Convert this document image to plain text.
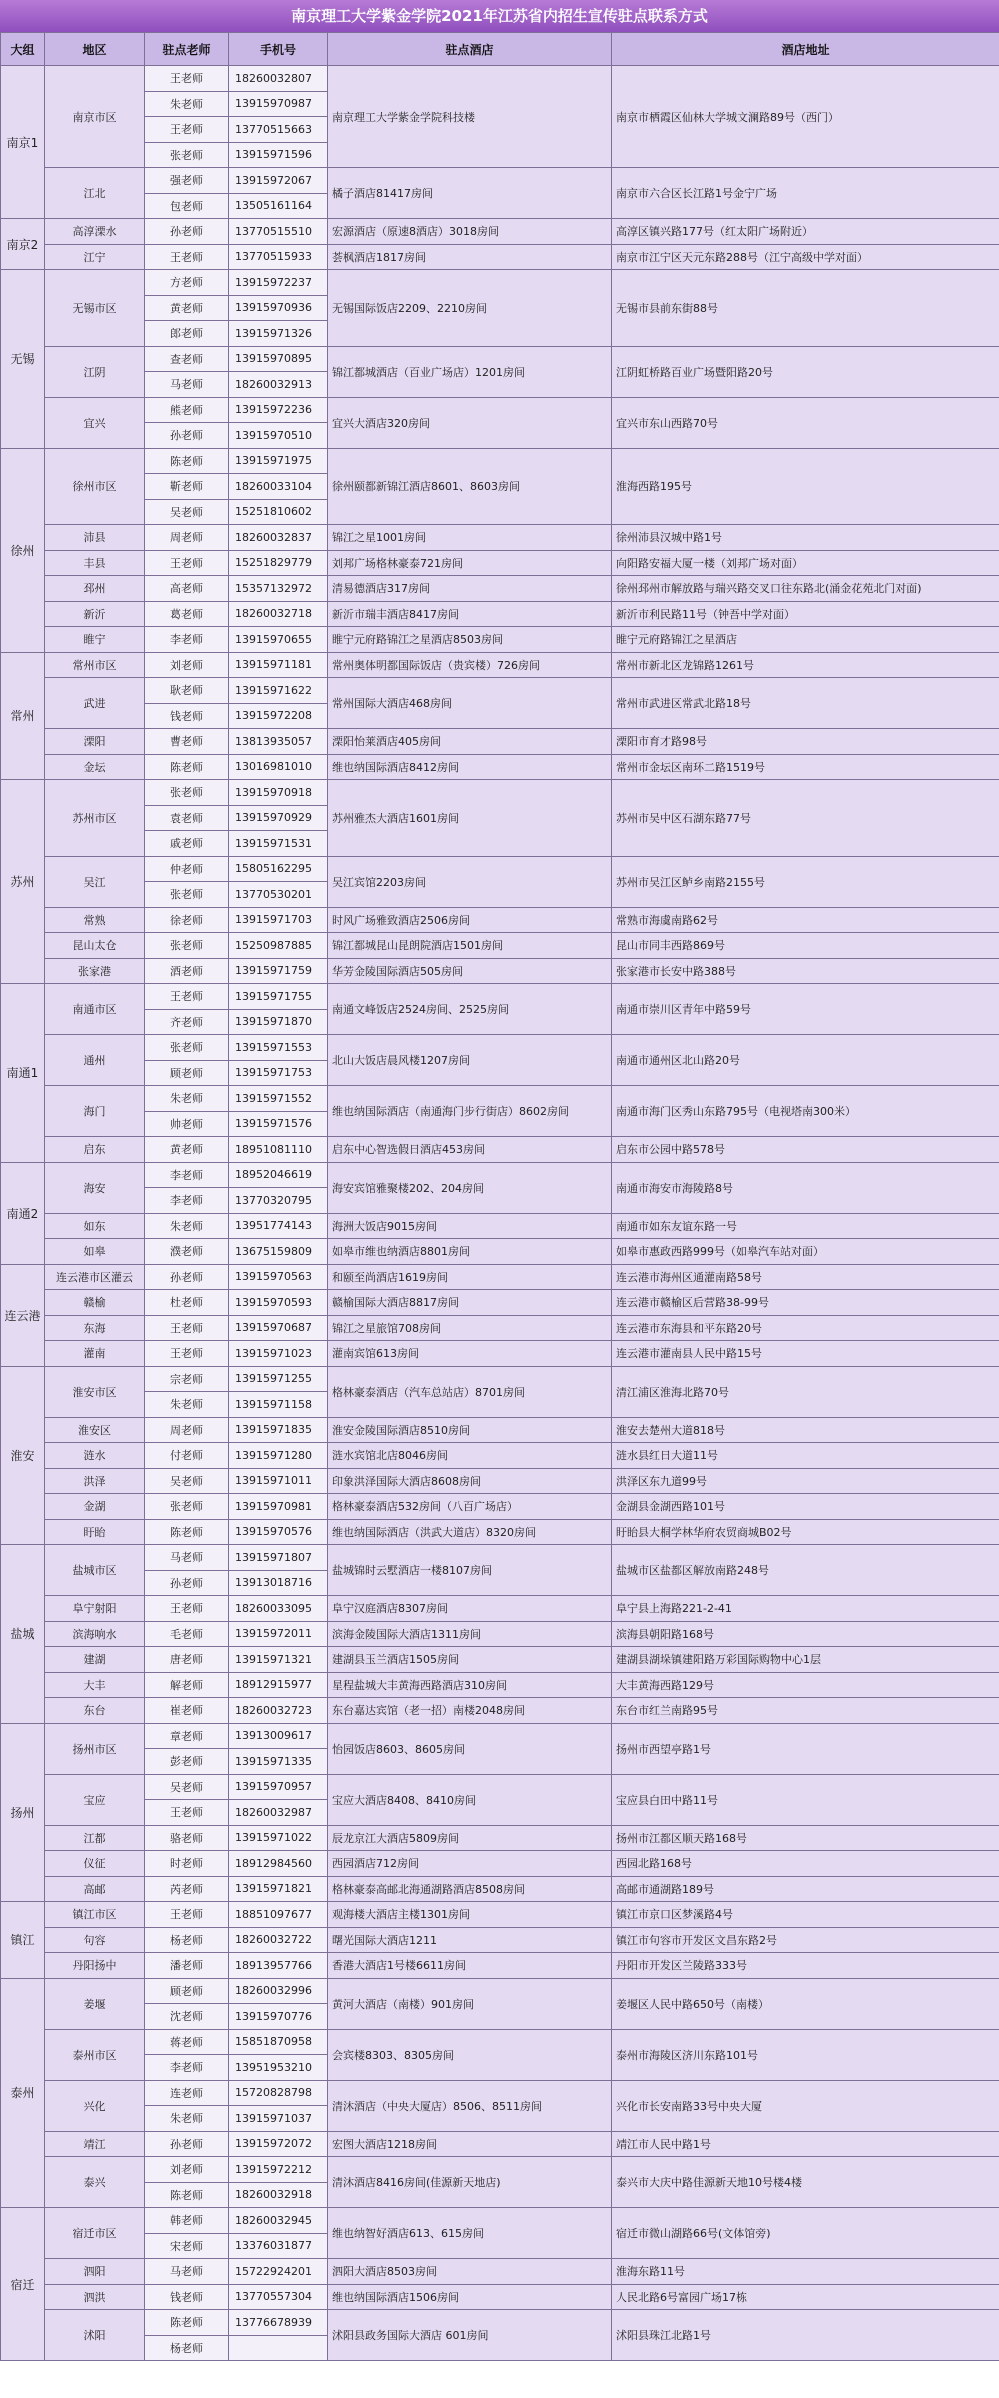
南京理工大学紫金学院2021年江苏省内招生宣传驻点联系方式
大组	地区	驻点老师	手机号	驻点酒店	酒店地址
南京1	南京市区	王老师	18260032807	南京理工大学紫金学院科技楼	南京市栖霞区仙林大学城文澜路89号（西门）
		朱老师	13915970987		
		王老师	13770515663		
		张老师	13915971596		
	江北	强老师	13915972067	橘子酒店81417房间	南京市六合区长江路1号金宁广场
		包老师	13505161164		
南京2	高淳溧水	孙老师	13770515510	宏源酒店（原速8酒店）3018房间	高淳区镇兴路177号（红太阳广场附近）
	江宁	王老师	13770515933	荟枫酒店1817房间	南京市江宁区天元东路288号（江宁高级中学对面）
无锡	无锡市区	方老师	13915972237	无锡国际饭店2209、2210房间	无锡市县前东街88号
		黄老师	13915970936		
		郎老师	13915971326		
	江阴	查老师	13915970895	锦江都城酒店（百业广场店）1201房间	江阴虹桥路百业广场暨阳路20号
		马老师	18260032913		
	宜兴	熊老师	13915972236	宜兴大酒店320房间	宜兴市东山西路70号
		孙老师	13915970510		
徐州	徐州市区	陈老师	13915971975	徐州颐都新锦江酒店8601、8603房间	淮海西路195号
		靳老师	18260033104		
		吴老师	15251810602		
	沛县	周老师	18260032837	锦江之星1001房间	徐州沛县汉城中路1号
	丰县	王老师	15251829779	刘邦广场格林豪泰721房间	向阳路安福大厦一楼（刘邦广场对面）
	邳州	高老师	15357132972	清易德酒店317房间	徐州邳州市解放路与瑞兴路交叉口往东路北(涌金花苑北门对面)
	新沂	葛老师	18260032718	新沂市瑞丰酒店8417房间	新沂市利民路11号（钟吾中学对面）
	睢宁	李老师	13915970655	睢宁元府路锦江之星酒店8503房间	睢宁元府路锦江之星酒店
常州	常州市区	刘老师	13915971181	常州奥体明都国际饭店（贵宾楼）726房间	常州市新北区龙锦路1261号
	武进	耿老师	13915971622	常州国际大酒店468房间	常州市武进区常武北路18号
		钱老师	13915972208		
	溧阳	曹老师	13813935057	溧阳怡莱酒店405房间	溧阳市育才路98号
	金坛	陈老师	13016981010	维也纳国际酒店8412房间	常州市金坛区南环二路1519号
苏州	苏州市区	张老师	13915970918	苏州雅杰大酒店1601房间	苏州市吴中区石湖东路77号
		袁老师	13915970929		
		戚老师	13915971531		
	吴江	仲老师	15805162295	吴江宾馆2203房间	苏州市吴江区鲈乡南路2155号
		张老师	13770530201		
	常熟	徐老师	13915971703	时风广场雅致酒店2506房间	常熟市海虞南路62号
	昆山太仓	张老师	15250987885	锦江都城昆山昆朗院酒店1501房间	昆山市同丰西路869号
	张家港	酒老师	13915971759	华芳金陵国际酒店505房间	张家港市长安中路388号
南通1	南通市区	王老师	13915971755	南通文峰饭店2524房间、2525房间	南通市崇川区青年中路59号
		齐老师	13915971870		
	通州	张老师	13915971553	北山大饭店晨风楼1207房间	南通市通州区北山路20号
		顾老师	13915971753		
	海门	朱老师	13915971552	维也纳国际酒店（南通海门步行街店）8602房间	南通市海门区秀山东路795号（电视塔南300米）
		帅老师	13915971576		
	启东	黄老师	18951081110	启东中心智选假日酒店453房间	启东市公园中路578号
南通2	海安	李老师	18952046619	海安宾馆雅聚楼202、204房间	南通市海安市海陵路8号
		李老师	13770320795		
	如东	朱老师	13951774143	海洲大饭店9015房间	南通市如东友谊东路一号
	如皋	濮老师	13675159809	如皋市维也纳酒店8801房间	如皋市惠政西路999号（如皋汽车站对面）
连云港	连云港市区灌云	孙老师	13915970563	和颐至尚酒店1619房间	连云港市海州区通灌南路58号
	赣榆	杜老师	13915970593	赣榆国际大酒店8817房间	连云港市赣榆区后营路38-99号
	东海	王老师	13915970687	锦江之星旅馆708房间	连云港市东海县和平东路20号
	灌南	王老师	13915971023	灌南宾馆613房间	连云港市灌南县人民中路15号
淮安	淮安市区	宗老师	13915971255	格林豪泰酒店（汽车总站店）8701房间	清江浦区淮海北路70号
		朱老师	13915971158		
	淮安区	周老师	13915971835	淮安金陵国际酒店8510房间	淮安去楚州大道818号
	涟水	付老师	13915971280	涟水宾馆北店8046房间	涟水县红日大道11号
	洪泽	吴老师	13915971011	印象洪泽国际大酒店8608房间	洪泽区东九道99号
	金湖	张老师	13915970981	格林豪泰酒店532房间（八百广场店）	金湖县金湖西路101号
	盱眙	陈老师	13915970576	维也纳国际酒店（洪武大道店）8320房间	盱眙县大桐学林华府农贸商城B02号
盐城	盐城市区	马老师	13915971807	盐城锦时云墅酒店一楼8107房间	盐城市区盐都区解放南路248号
		孙老师	13913018716		
	阜宁射阳	王老师	18260033095	阜宁汉庭酒店8307房间	阜宁县上海路221-2-41
	滨海响水	毛老师	13915972011	滨海金陵国际大酒店1311房间	滨海县朝阳路168号
	建湖	唐老师	13915971321	建湖县玉兰酒店1505房间	建湖县湖垛镇建阳路万彩国际购物中心1层
	大丰	解老师	18912915977	星程盐城大丰黄海西路酒店310房间	大丰黄海西路129号
	东台	崔老师	18260032723	东台嘉达宾馆（老一招）南楼2048房间	东台市红兰南路95号
扬州	扬州市区	章老师	13913009617	怡园饭店8603、8605房间	扬州市西望亭路1号
		彭老师	13915971335		
	宝应	吴老师	13915970957	宝应大酒店8408、8410房间	宝应县白田中路11号
		王老师	18260032987		
	江都	骆老师	13915971022	辰龙京江大酒店5809房间	扬州市江都区顺天路168号
	仪征	时老师	18912984560	西园酒店712房间	西园北路168号
	高邮	芮老师	13915971821	格林豪泰高邮北海通湖路酒店8508房间	高邮市通湖路189号
镇江	镇江市区	王老师	18851097677	观海楼大酒店主楼1301房间	镇江市京口区梦溪路4号
	句容	杨老师	18260032722	曙光国际大酒店1211	镇江市句容市开发区文昌东路2号
	丹阳扬中	潘老师	18913957766	香港大酒店1号楼6611房间	丹阳市开发区兰陵路333号
泰州	姜堰	顾老师	18260032996	黄河大酒店（南楼）901房间	姜堰区人民中路650号（南楼）
		沈老师	13915970776		
	泰州市区	蒋老师	15851870958	会宾楼8303、8305房间	泰州市海陵区济川东路101号
		李老师	13951953210		
	兴化	连老师	15720828798	清沐酒店（中央大厦店）8506、8511房间	兴化市长安南路33号中央大厦
		朱老师	13915971037		
	靖江	孙老师	13915972072	宏图大酒店1218房间	靖江市人民中路1号
	泰兴	刘老师	13915972212	清沐酒店8416房间(佳源新天地店)	泰兴市大庆中路佳源新天地10号楼4楼
		陈老师	18260032918		
宿迁	宿迁市区	韩老师	18260032945	维也纳智好酒店613、615房间	宿迁市微山湖路66号(文体馆旁)
		宋老师	13376031877		
	泗阳	马老师	15722924201	泗阳大酒店8503房间	淮海东路11号
	泗洪	钱老师	13770557304	维也纳国际酒店1506房间	人民北路6号富园广场17栋
	沭阳	陈老师	13776678939	沭阳县政务国际大酒店 601房间	沭阳县珠江北路1号
		杨老师			
